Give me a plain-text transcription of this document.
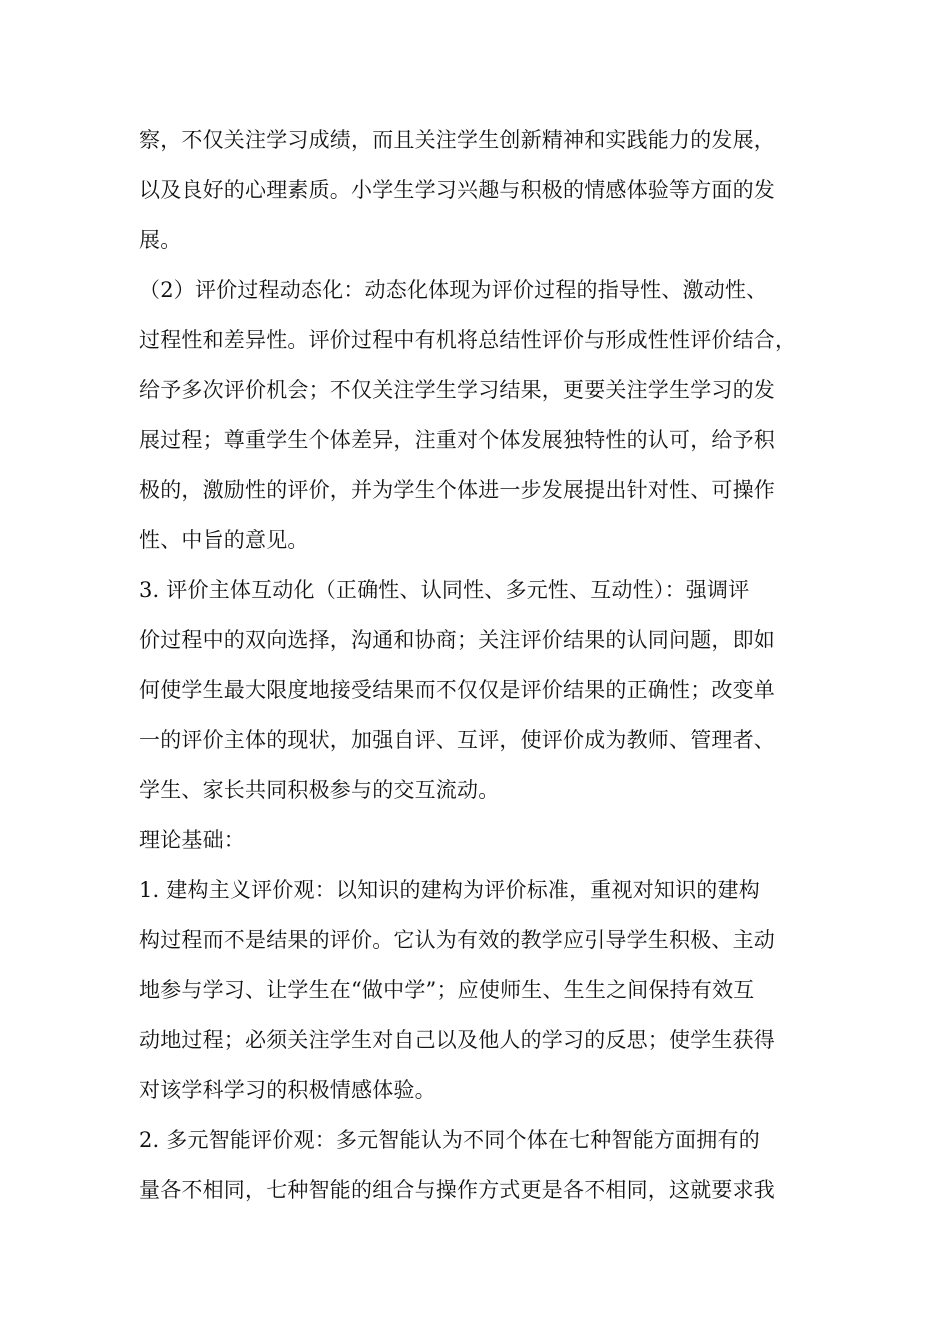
察，不仅关注学习成绩，而且关注学生创新精神和实践能力的发展，
以及良好的心理素质。小学生学习兴趣与积极的情感体验等方面的发
展。
（2）评价过程动态化：动态化体现为评价过程的指导性、激动性、
过程性和差异性。评价过程中有机将总结性评价与形成性性评价结合，
给予多次评价机会；不仅关注学生学习结果，更要关注学生学习的发
展过程；尊重学生个体差异，注重对个体发展独特性的认可，给予积
极的，激励性的评价，并为学生个体进一步发展提出针对性、可操作
性、中旨的意见。
3. 评价主体互动化（正确性、认同性、多元性、互动性）：强调评
价过程中的双向选择，沟通和协商；关注评价结果的认同问题，即如
何使学生最大限度地接受结果而不仅仅是评价结果的正确性；改变单
一的评价主体的现状，加强自评、互评，使评价成为教师、管理者、
学生、家长共同积极参与的交互流动。
理论基础：
1. 建构主义评价观：以知识的建构为评价标准，重视对知识的建构
构过程而不是结果的评价。它认为有效的教学应引导学生积极、主动
地参与学习、让学生在“做中学”；应使师生、生生之间保持有效互
动地过程；必须关注学生对自己以及他人的学习的反思；使学生获得
对该学科学习的积极情感体验。
2. 多元智能评价观：多元智能认为不同个体在七种智能方面拥有的
量各不相同，七种智能的组合与操作方式更是各不相同，这就要求我
